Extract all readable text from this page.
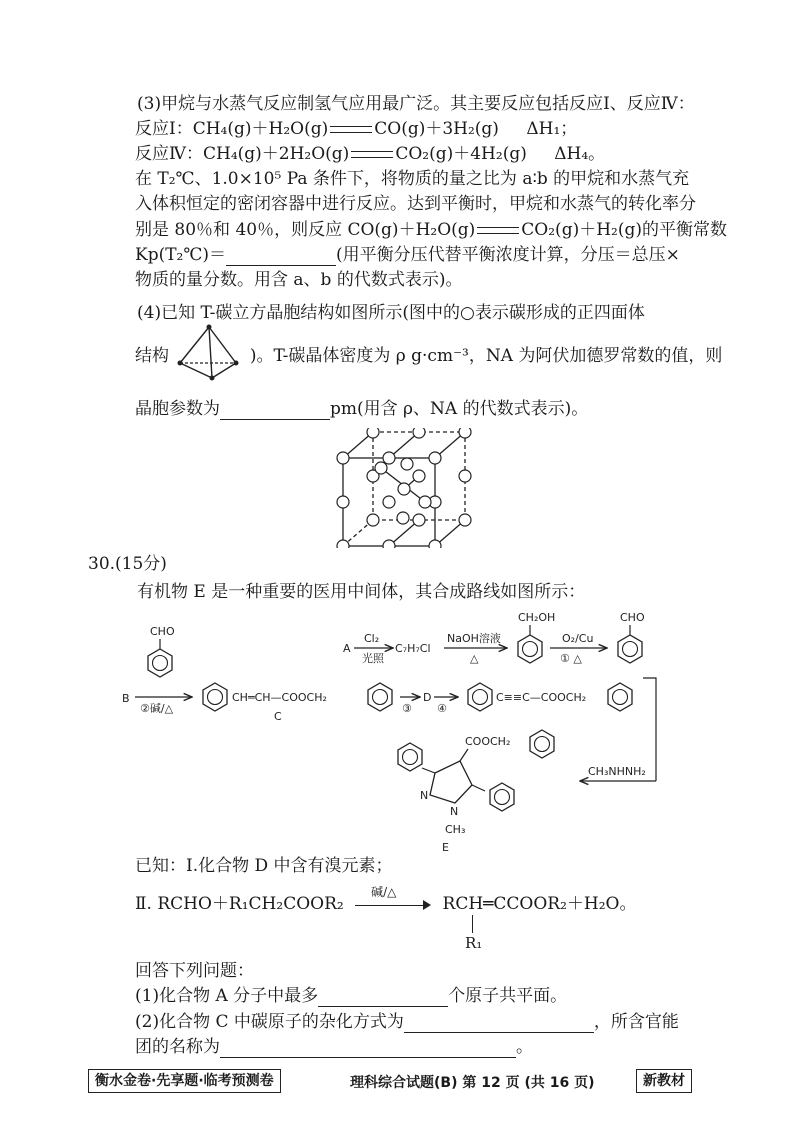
(3)甲烷与水蒸气反应制氢气应用最广泛。其主要反应包括反应Ⅰ、反应Ⅳ：
反应Ⅰ：CH₄(g)＋H₂O(g)	CO(g)＋3H₂(g) ΔH₁；
反应Ⅳ：CH₄(g)＋2H₂O(g)	CO₂(g)＋4H₂(g) ΔH₄。
在 T₂℃、1.0×10⁵ Pa 条件下，将物质的量之比为 a∶b 的甲烷和水蒸气充
入体积恒定的密闭容器中进行反应。达到平衡时，甲烷和水蒸气的转化率分
别是 80％和 40％，则反应 CO(g)＋H₂O(g)	CO₂(g)＋H₂(g)的平衡常数
Kp(T₂℃)＝	(用平衡分压代替平衡浓度计算，分压＝总压×
物质的量分数。用含 a、b 的代数式表示)。
(4)已知 T-碳立方晶胞结构如图所示(图中的○表示碳形成的正四面体
结构	)。T-碳晶体密度为 ρ g·cm⁻³，NA 为阿伏加德罗常数的值，则
晶胞参数为	pm(用含 ρ、NA 的代数式表示)。
30.(15分)
有机物 E 是一种重要的医用中间体，其合成路线如图所示：
A
Cl₂
光照
C₇H₇Cl
NaOH溶液
△
CH₂OH
O₂/Cu
① △
CHO
B
CHO
②碱/△
CH═CH—COOCH₂
C
③
D
④
C≡≡C—COOCH₂
CH₃NHNH₂
COOCH₂
N
N
CH₃
E
已知：Ⅰ.化合物 D 中含有溴元素；
Ⅱ. RCHO＋R₁CH₂COOR₂
碱/△
RCH═CCOOR₂＋H₂O。
R₁
回答下列问题：
(1)化合物 A 分子中最多	个原子共平面。
(2)化合物 C 中碳原子的杂化方式为	，所含官能
团的名称为	。
衡水金卷·先享题·临考预测卷	理科综合试题(B) 第 12 页 (共 16 页)	新教材
